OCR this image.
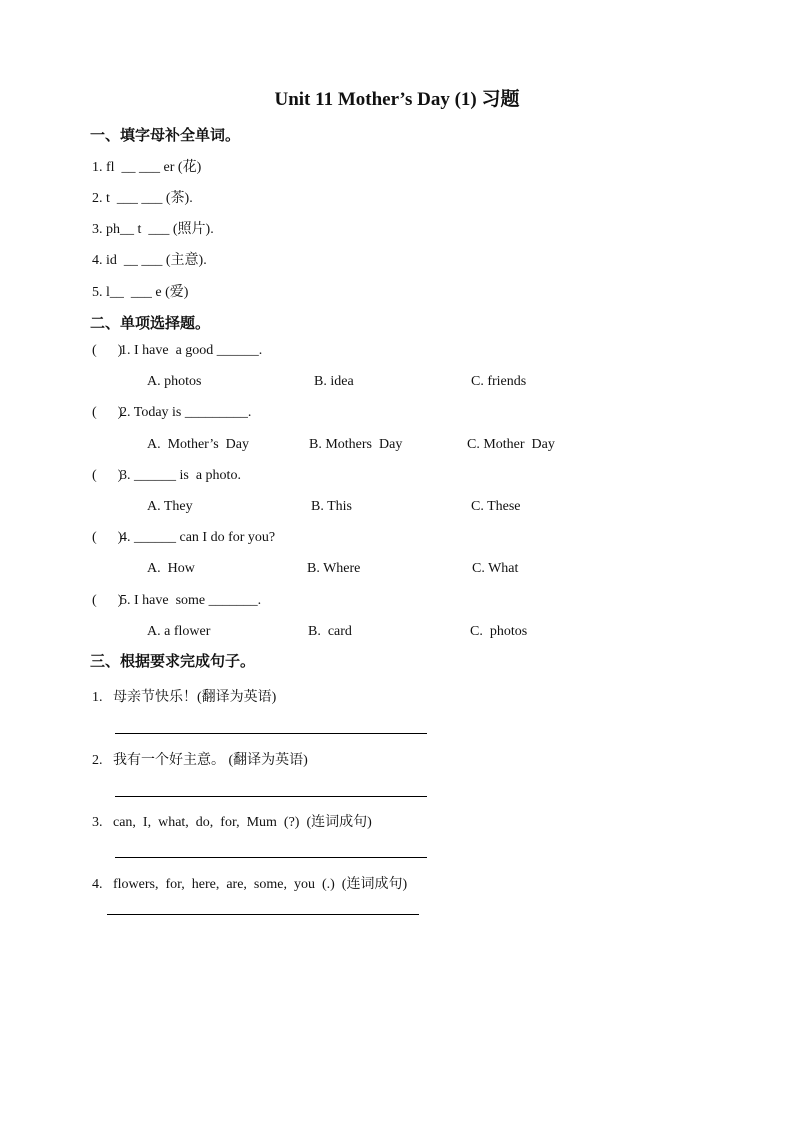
Unit 11 Mother’s Day (1) 习题
一、填字母补全单词。
1. fl  __ ___ er (花)
2. t  ___ ___ (茶).
3. ph__ t  ___ (照片).
4. id  __ ___ (主意).
5. l__  ___ e (爱)
二、单项选择题。
(      )1. I have  a good ______.
A. photos	B. idea	C. friends
(      )2. Today is _________.
A.  Mother’s  Day	B. Mothers  Day	C. Mother  Day
(      )3. ______ is  a photo.
A. They	B. This	C. These
(      )4. ______ can I do for you?
A.  How	B. Where	C. What
(      )5. I have  some _______.
A. a flower	B.  card	C.  photos
三、根据要求完成句子。
1.   母亲节快乐！(翻译为英语)
2.   我有一个好主意。 (翻译为英语)
3.   can,  I,  what,  do,  for,  Mum  (?)  (连词成句)
4.   flowers,  for,  here,  are,  some,  you  (.)  (连词成句)
